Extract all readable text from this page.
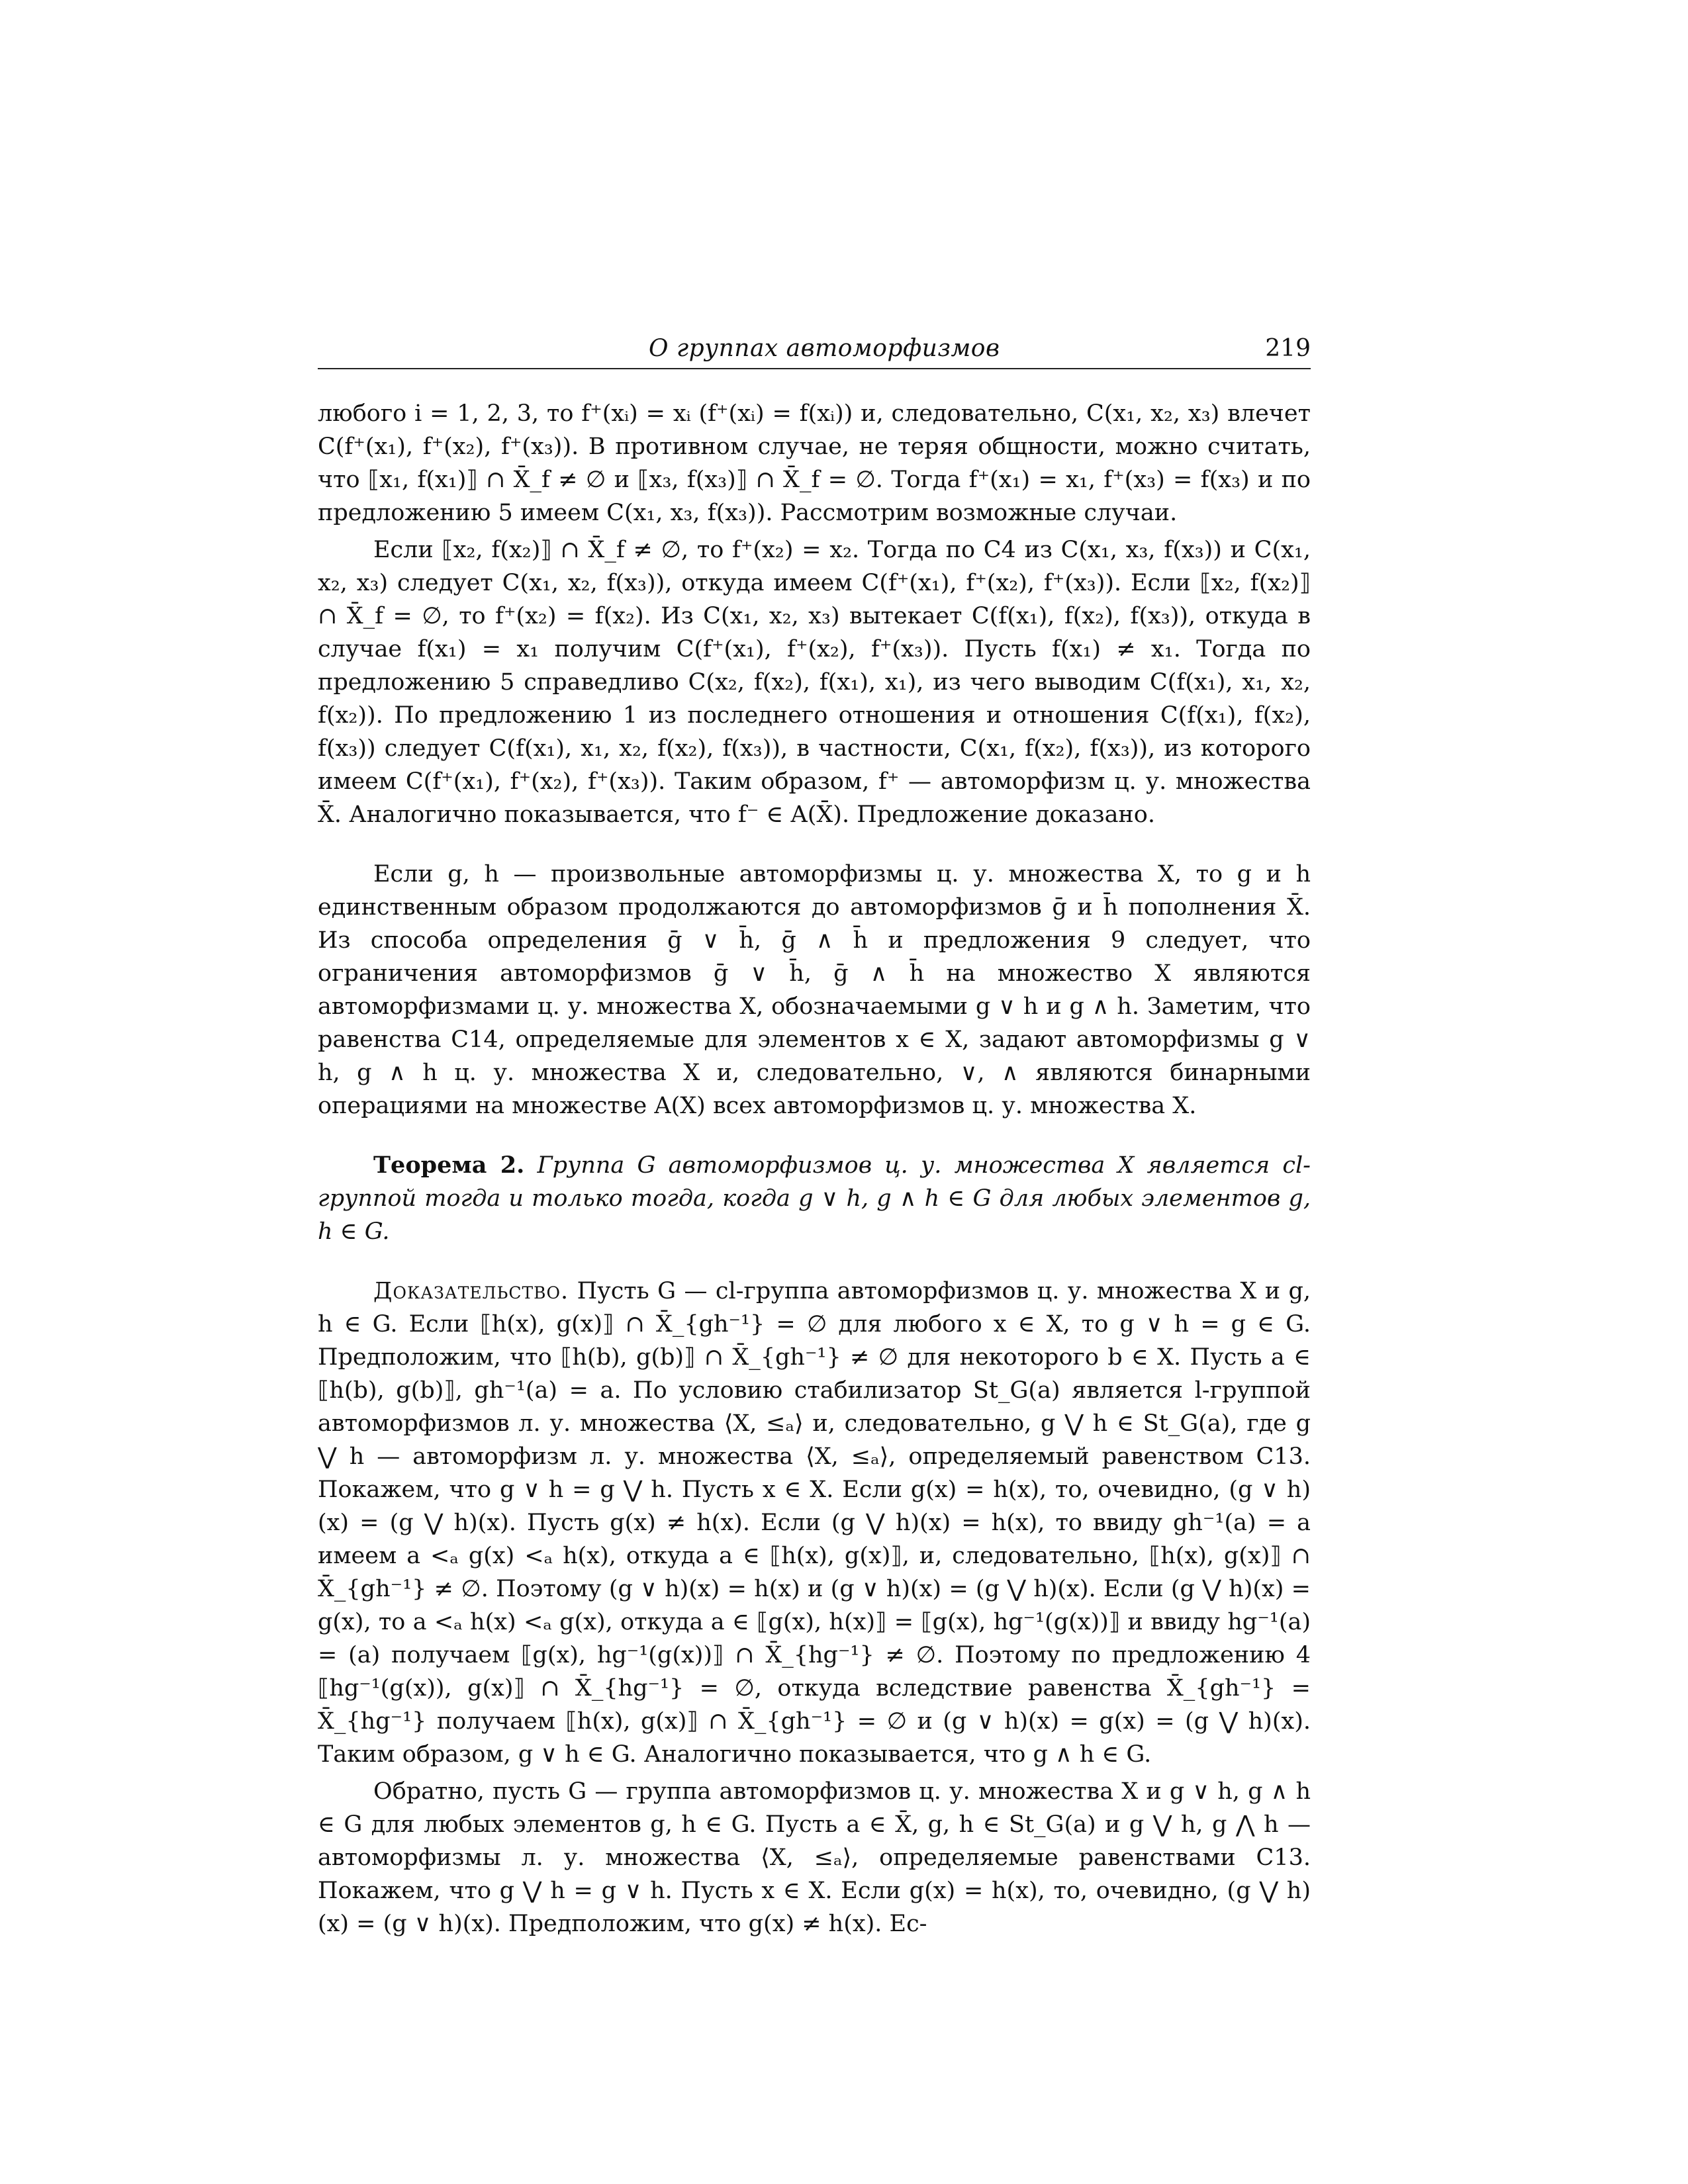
О группах автоморфизмов	219

любого i = 1, 2, 3, то f⁺(xᵢ) = xᵢ (f⁺(xᵢ) = f(xᵢ)) и, следовательно, C(x₁, x₂, x₃) влечет C(f⁺(x₁), f⁺(x₂), f⁺(x₃)). В противном случае, не теряя общности, можно считать, что ⟦x₁, f(x₁)⟧ ∩ X̄_f ≠ ∅ и ⟦x₃, f(x₃)⟧ ∩ X̄_f = ∅. Тогда f⁺(x₁) = x₁, f⁺(x₃) = f(x₃) и по предложению 5 имеем C(x₁, x₃, f(x₃)). Рассмотрим возможные случаи.

Если ⟦x₂, f(x₂)⟧ ∩ X̄_f ≠ ∅, то f⁺(x₂) = x₂. Тогда по C4 из C(x₁, x₃, f(x₃)) и C(x₁, x₂, x₃) следует C(x₁, x₂, f(x₃)), откуда имеем C(f⁺(x₁), f⁺(x₂), f⁺(x₃)). Если ⟦x₂, f(x₂)⟧ ∩ X̄_f = ∅, то f⁺(x₂) = f(x₂). Из C(x₁, x₂, x₃) вытекает C(f(x₁), f(x₂), f(x₃)), откуда в случае f(x₁) = x₁ получим C(f⁺(x₁), f⁺(x₂), f⁺(x₃)). Пусть f(x₁) ≠ x₁. Тогда по предложению 5 справедливо C(x₂, f(x₂), f(x₁), x₁), из чего выводим C(f(x₁), x₁, x₂, f(x₂)). По предложению 1 из последнего отношения и отношения C(f(x₁), f(x₂), f(x₃)) следует C(f(x₁), x₁, x₂, f(x₂), f(x₃)), в частности, C(x₁, f(x₂), f(x₃)), из которого имеем C(f⁺(x₁), f⁺(x₂), f⁺(x₃)). Таким образом, f⁺ — автоморфизм ц. у. множества X̄. Аналогично показывается, что f⁻ ∈ A(X̄). Предложение доказано.

Если g, h — произвольные автоморфизмы ц. у. множества X, то g и h единственным образом продолжаются до автоморфизмов ḡ и h̄ пополнения X̄. Из способа определения ḡ ∨ h̄, ḡ ∧ h̄ и предложения 9 следует, что ограничения автоморфизмов ḡ ∨ h̄, ḡ ∧ h̄ на множество X являются автоморфизмами ц. у. множества X, обозначаемыми g ∨ h и g ∧ h. Заметим, что равенства C14, определяемые для элементов x ∈ X, задают автоморфизмы g ∨ h, g ∧ h ц. у. множества X и, следовательно, ∨, ∧ являются бинарными операциями на множестве A(X) всех автоморфизмов ц. у. множества X.

Теорема 2. Группа G автоморфизмов ц. у. множества X является cl-группой тогда и только тогда, когда g ∨ h, g ∧ h ∈ G для любых элементов g, h ∈ G.

Доказательство. Пусть G — cl-группа автоморфизмов ц. у. множества X и g, h ∈ G. Если ⟦h(x), g(x)⟧ ∩ X̄_{gh⁻¹} = ∅ для любого x ∈ X, то g ∨ h = g ∈ G. Предположим, что ⟦h(b), g(b)⟧ ∩ X̄_{gh⁻¹} ≠ ∅ для некоторого b ∈ X. Пусть a ∈ ⟦h(b), g(b)⟧, gh⁻¹(a) = a. По условию стабилизатор St_G(a) является l-группой автоморфизмов л. у. множества ⟨X, ≤ₐ⟩ и, следовательно, g ⋁ h ∈ St_G(a), где g ⋁ h — автоморфизм л. у. множества ⟨X, ≤ₐ⟩, определяемый равенством C13. Покажем, что g ∨ h = g ⋁ h. Пусть x ∈ X. Если g(x) = h(x), то, очевидно, (g ∨ h)(x) = (g ⋁ h)(x). Пусть g(x) ≠ h(x). Если (g ⋁ h)(x) = h(x), то ввиду gh⁻¹(a) = a имеем a <ₐ g(x) <ₐ h(x), откуда a ∈ ⟦h(x), g(x)⟧, и, следовательно, ⟦h(x), g(x)⟧ ∩ X̄_{gh⁻¹} ≠ ∅. Поэтому (g ∨ h)(x) = h(x) и (g ∨ h)(x) = (g ⋁ h)(x). Если (g ⋁ h)(x) = g(x), то a <ₐ h(x) <ₐ g(x), откуда a ∈ ⟦g(x), h(x)⟧ = ⟦g(x), hg⁻¹(g(x))⟧ и ввиду hg⁻¹(a) = (a) получаем ⟦g(x), hg⁻¹(g(x))⟧ ∩ X̄_{hg⁻¹} ≠ ∅. Поэтому по предложению 4 ⟦hg⁻¹(g(x)), g(x)⟧ ∩ X̄_{hg⁻¹} = ∅, откуда вследствие равенства X̄_{gh⁻¹} = X̄_{hg⁻¹} получаем ⟦h(x), g(x)⟧ ∩ X̄_{gh⁻¹} = ∅ и (g ∨ h)(x) = g(x) = (g ⋁ h)(x). Таким образом, g ∨ h ∈ G. Аналогично показывается, что g ∧ h ∈ G.

Обратно, пусть G — группа автоморфизмов ц. у. множества X и g ∨ h, g ∧ h ∈ G для любых элементов g, h ∈ G. Пусть a ∈ X̄, g, h ∈ St_G(a) и g ⋁ h, g ⋀ h — автоморфизмы л. у. множества ⟨X, ≤ₐ⟩, определяемые равенствами C13. Покажем, что g ⋁ h = g ∨ h. Пусть x ∈ X. Если g(x) = h(x), то, очевидно, (g ⋁ h)(x) = (g ∨ h)(x). Предположим, что g(x) ≠ h(x). Ес-
